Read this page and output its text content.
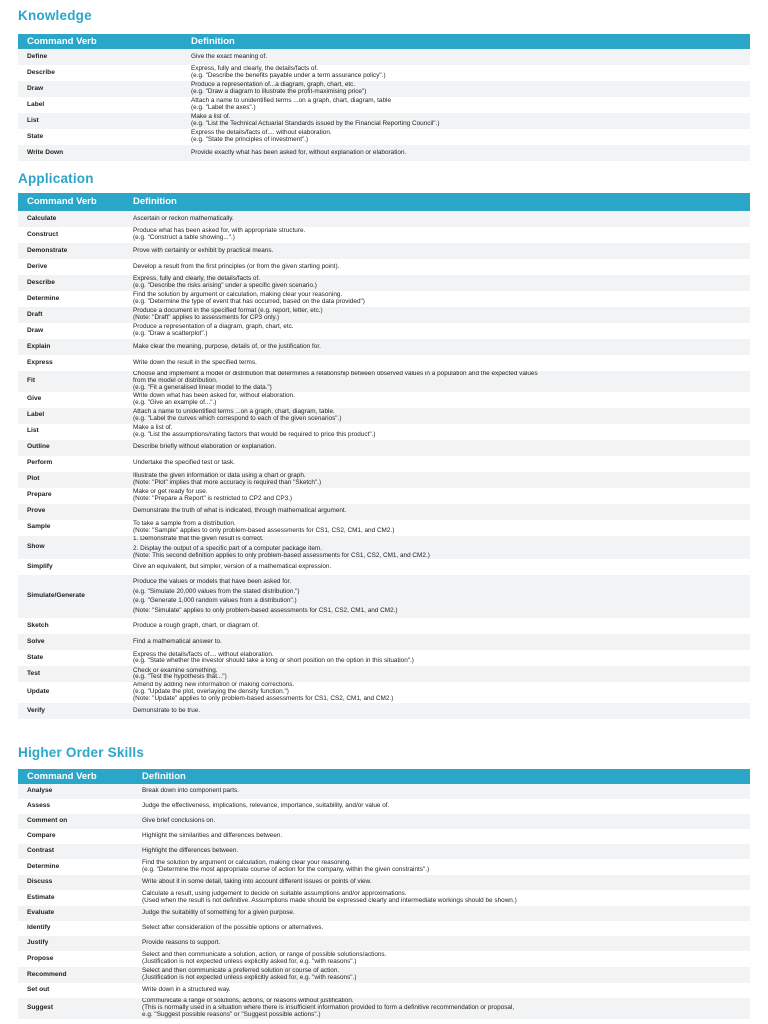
Knowledge
Command Verb	Definition
Define	Give the exact meaning of.

Describe	Express, fully and clearly, the details/facts of.
(e.g. "Describe the benefits payable under a term assurance policy".)

Draw	Produce a representation of...a diagram, graph, chart, etc.
(e.g. "Draw a diagram to illustrate the profit-maximising price")

Label	Attach a name to unidentified terms ...on a graph, chart, diagram, table
(e.g. "Label the axes".)

List	Make a list of.
(e.g. "List the Technical Actuarial Standards issued by the Financial Reporting Council".)

State	Express the details/facts of.... without elaboration.
(e.g. "State the principles of investment".)

Write Down	Provide exactly what has been asked for, without explanation or elaboration.
Application
Command Verb	Definition
Calculate	Ascertain or reckon mathematically.

Construct	Produce what has been asked for, with appropriate structure.
(e.g. "Construct a table showing...".)

Demonstrate	Prove with certainty or exhibit by practical means.

Derive	Develop a result from the first principles (or from the given starting point).

Describe	Express, fully and clearly, the details/facts of.
(e.g. "Describe the risks arising" under a specific given scenario.)

Determine	Find the solution by argument or calculation, making clear your reasoning.
(e.g. "Determine the type of event that has occurred, based on the data provided")

Draft	Produce a document in the specified format (e.g. report, letter, etc.)
(Note: "Draft" applies to assessments for CP3 only.)

Draw	Produce a representation of a diagram, graph, chart, etc.
(e.g. "Draw a scatterplot".)

Explain	Make clear the meaning, purpose, details of, or the justification for.

Express	Write down the result in the specified terms.

Fit	Choose and implement a model or distribution that determines a relationship between observed values in a population and the expected values
from the model or distribution.
(e.g. "Fit a generalised linear model to the data.")

Give	Write down what has been asked for, without elaboration.
(e.g. "Give an example of...".)

Label	Attach a name to unidentified terms ...on a graph, chart, diagram, table.
(e.g. "Label the curves which correspond to each of the given scenarios".)

List	Make a list of.
(e.g. "List the assumptions/rating factors that would be required to price this product".)

Outline	Describe briefly without elaboration or explanation.

Perform	Undertake the specified test or task.

Plot	Illustrate the given information or data using a chart or graph.
(Note: "Plot" implies that more accuracy is required than "Sketch".)

Prepare	Make or get ready for use.
(Note: "Prepare a Report" is restricted to CP2 and CP3.)

Prove	Demonstrate the truth of what is indicated, through mathematical argument.

Sample	To take a sample from a distribution.
(Note: "Sample" applies to only problem-based assessments for CS1, CS2, CM1, and CM2.)

Show	1. Demonstrate that the given result is correct.
2. Display the output of a specific part of a computer package item.
(Note: This second definition applies to only problem-based assessments for CS1, CS2, CM1, and CM2.)

Simplify	Give an equivalent, but simpler, version of a mathematical expression.

Simulate/Generate	Produce the values or models that have been asked for.
(e.g. "Simulate 20,000 values from the stated distribution.")
(e.g. "Generate 1,000 random values from a distribution".)
(Note: "Simulate" applies to only problem-based assessments for CS1, CS2, CM1, and CM2.)

Sketch	Produce a rough graph, chart, or diagram of.

Solve	Find a mathematical answer to.

State	Express the details/facts of.... without elaboration.
(e.g. "State whether the investor should take a long or short position on the option in this situation".)

Test	Check or examine something.
(e.g. "Test the hypothesis that...")

Update	Amend by adding new information or making corrections.
(e.g. "Update the plot, overlaying the density function.")
(Note: "Update" applies to only problem-based assessments for CS1, CS2, CM1, and CM2.)

Verify	Demonstrate to be true.
Higher Order Skills
Command Verb	Definition
Analyse	Break down into component parts.

Assess	Judge the effectiveness, implications, relevance, importance, suitability, and/or value of.

Comment on	Give brief conclusions on.

Compare	Highlight the similarities and differences between.

Contrast	Highlight the differences between.

Determine	Find the solution by argument or calculation, making clear your reasoning.
(e.g. "Determine the most appropriate course of action for the company, within the given constraints".)

Discuss	Write about it in some detail, taking into account different issues or points of view.

Estimate	Calculate a result, using judgement to decide on suitable assumptions and/or approximations.
(Used when the result is not definitive. Assumptions made should be expressed clearly and intermediate workings should be shown.)

Evaluate	Judge the suitability of something for a given purpose.

Identify	Select after consideration of the possible options or alternatives.

Justify	Provide reasons to support.

Propose	Select and then communicate a solution, action, or range of possible solutions/actions.
(Justification is not expected unless explicitly asked for, e.g. "with reasons".)

Recommend	Select and then communicate a preferred solution or course of action.
(Justification is not expected unless explicitly asked for, e.g. "with reasons".)

Set out	Write down in a structured way.

Suggest	Communicate a range of solutions, actions, or reasons without justification.
(This is normally used in a situation where there is insufficient information provided to form a definitive recommendation or proposal,
e.g. "Suggest possible reasons" or "Suggest possible actions".)
